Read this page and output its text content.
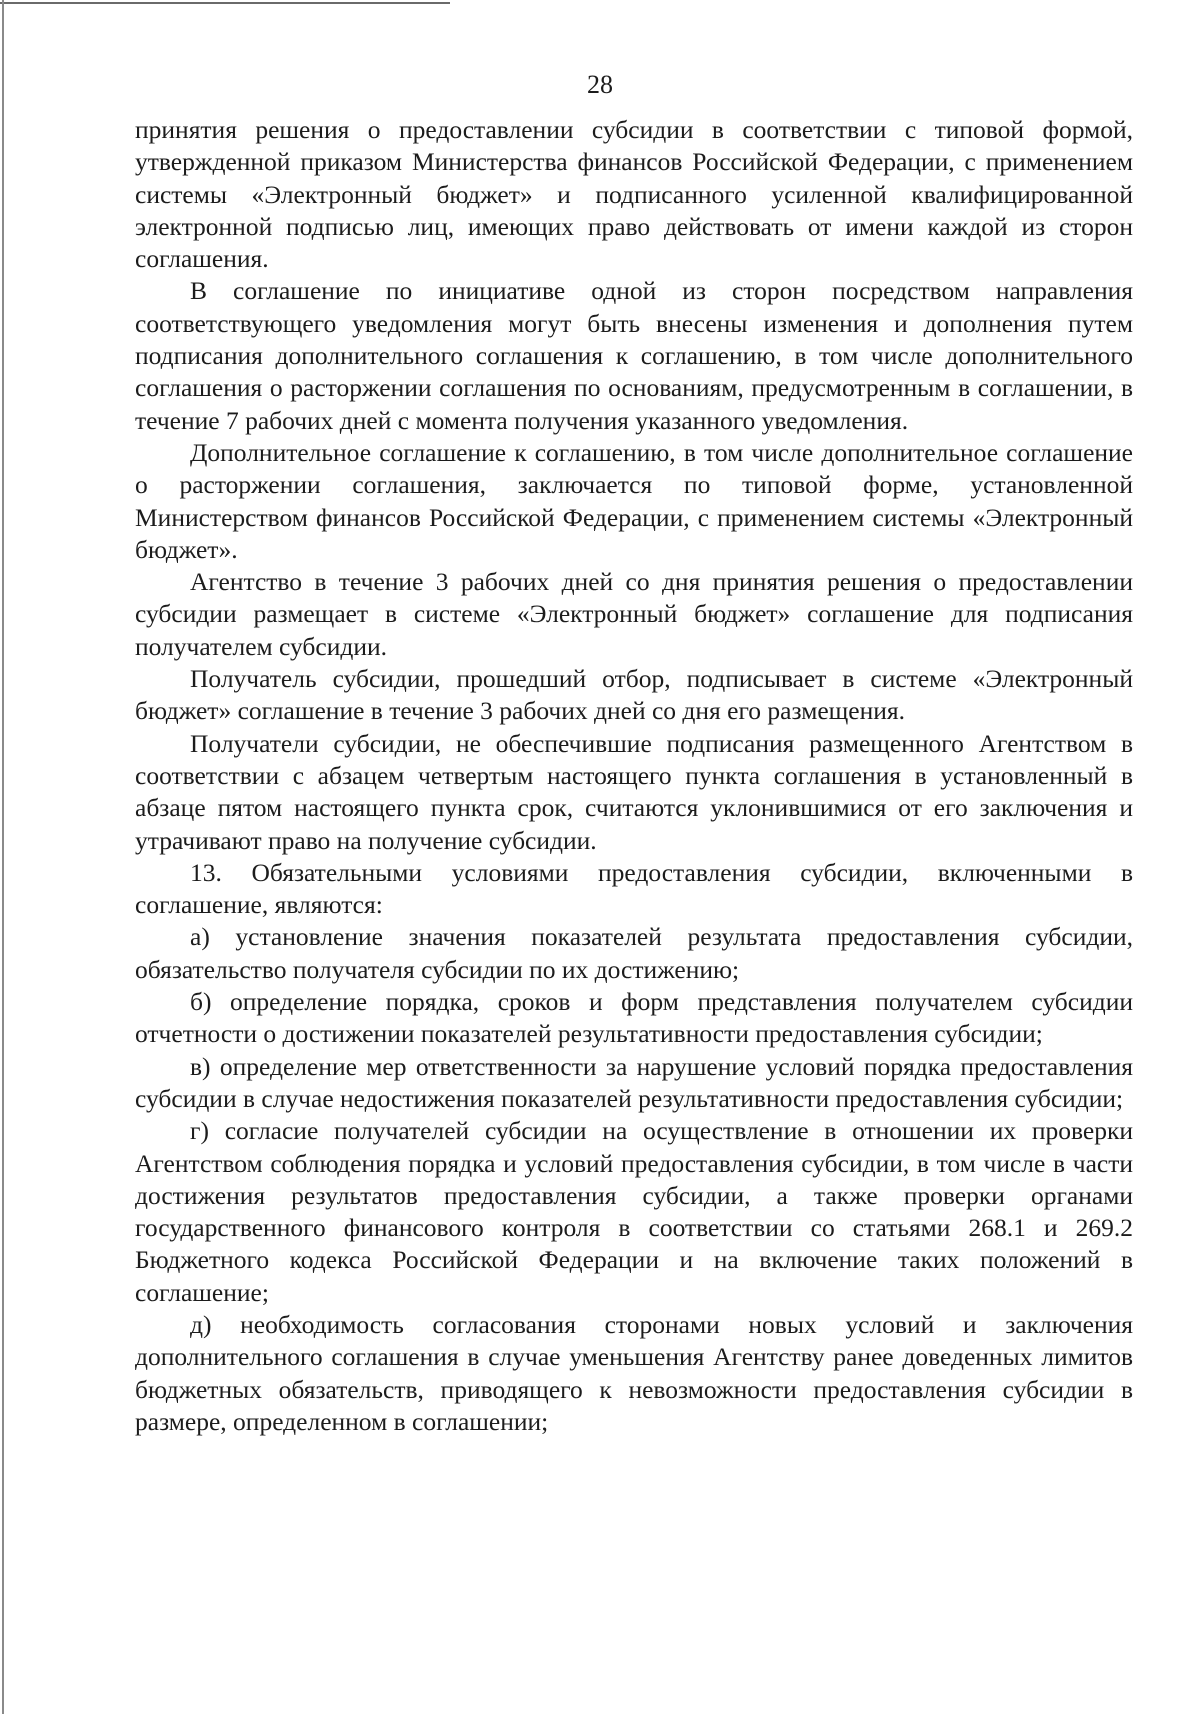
28

принятия решения о предоставлении субсидии в соответствии с типовой формой, утвержденной приказом Министерства финансов Российской Федерации, с применением системы «Электронный бюджет» и подписанного усиленной квалифицированной электронной подписью лиц, имеющих право действовать от имени каждой из сторон соглашения.

В соглашение по инициативе одной из сторон посредством направления соответствующего уведомления могут быть внесены изменения и дополнения путем подписания дополнительного соглашения к соглашению, в том числе дополнительного соглашения о расторжении соглашения по основаниям, предусмотренным в соглашении, в течение 7 рабочих дней с момента получения указанного уведомления.

Дополнительное соглашение к соглашению, в том числе дополнительное соглашение о расторжении соглашения, заключается по типовой форме, установленной Министерством финансов Российской Федерации, с применением системы «Электронный бюджет».

Агентство в течение 3 рабочих дней со дня принятия решения о предоставлении субсидии размещает в системе «Электронный бюджет» соглашение для подписания получателем субсидии.

Получатель субсидии, прошедший отбор, подписывает в системе «Электронный бюджет» соглашение в течение 3 рабочих дней со дня его размещения.

Получатели субсидии, не обеспечившие подписания размещенного Агентством в соответствии с абзацем четвертым настоящего пункта соглашения в установленный в абзаце пятом настоящего пункта срок, считаются уклонившимися от его заключения и утрачивают право на получение субсидии.

13. Обязательными условиями предоставления субсидии, включенными в соглашение, являются:

а) установление значения показателей результата предоставления субсидии, обязательство получателя субсидии по их достижению;

б) определение порядка, сроков и форм представления получателем субсидии отчетности о достижении показателей результативности предоставления субсидии;

в) определение мер ответственности за нарушение условий порядка предоставления субсидии в случае недостижения показателей результативности предоставления субсидии;

г) согласие получателей субсидии на осуществление в отношении их проверки Агентством соблюдения порядка и условий предоставления субсидии, в том числе в части достижения результатов предоставления субсидии, а также проверки органами государственного финансового контроля в соответствии со статьями 268.1 и 269.2 Бюджетного кодекса Российской Федерации и на включение таких положений в соглашение;

д) необходимость согласования сторонами новых условий и заключения дополнительного соглашения в случае уменьшения Агентству ранее доведенных лимитов бюджетных обязательств, приводящего к невозможности предоставления субсидии в размере, определенном в соглашении;
